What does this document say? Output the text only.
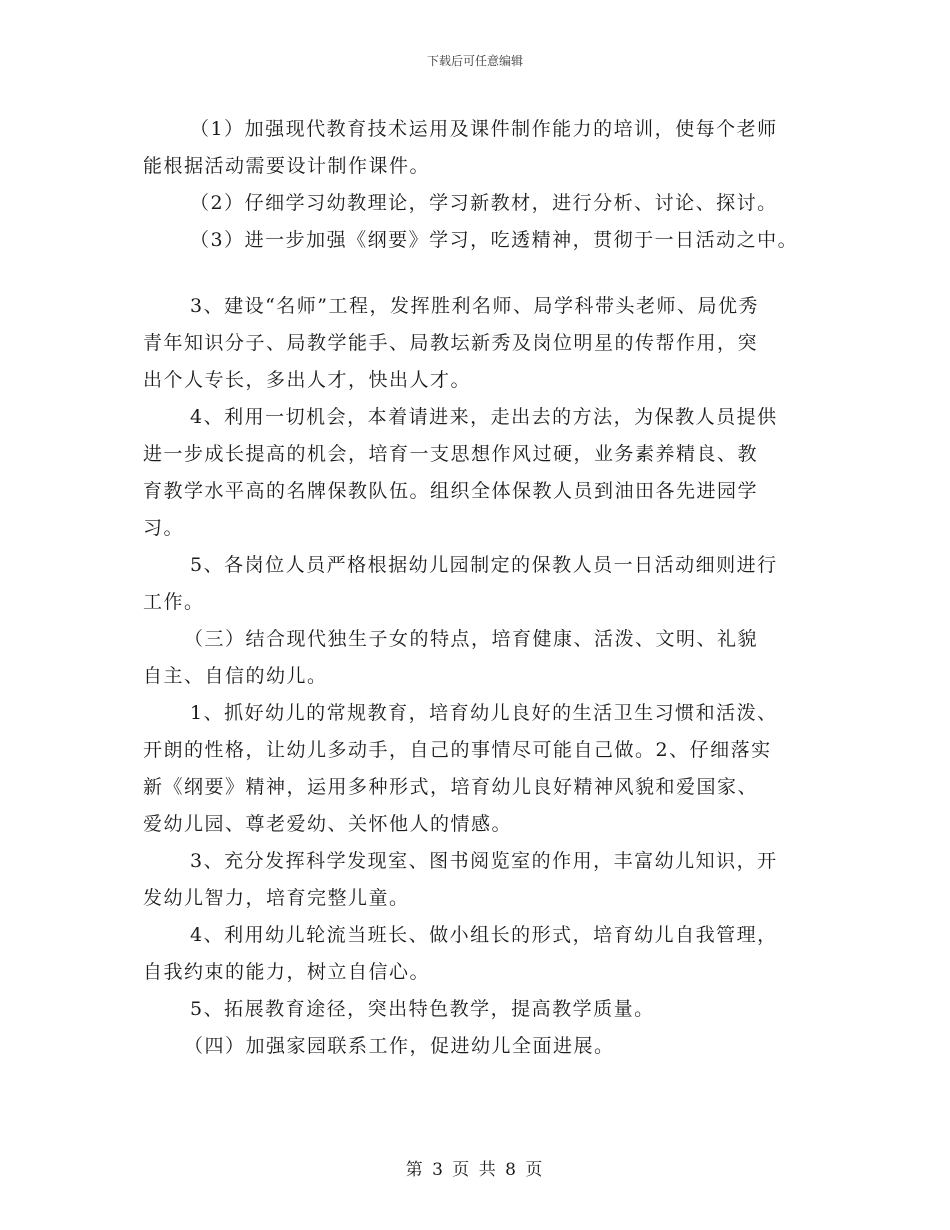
下载后可任意编辑
（1）加强现代教育技术运用及课件制作能力的培训，使每个老师
能根据活动需要设计制作课件。
（2）仔细学习幼教理论，学习新教材，进行分析、讨论、探讨。
（3）进一步加强《纲要》学习，吃透精神，贯彻于一日活动之中。
3、建设“名师”工程，发挥胜利名师、局学科带头老师、局优秀
青年知识分子、局教学能手、局教坛新秀及岗位明星的传帮作用，突
出个人专长，多出人才，快出人才。
4、利用一切机会，本着请进来，走出去的方法，为保教人员提供
进一步成长提高的机会，培育一支思想作风过硬，业务素养精良、教
育教学水平高的名牌保教队伍。组织全体保教人员到油田各先进园学
习。
5、各岗位人员严格根据幼儿园制定的保教人员一日活动细则进行
工作。
（三）结合现代独生子女的特点，培育健康、活泼、文明、礼貌
自主、自信的幼儿。
1、抓好幼儿的常规教育，培育幼儿良好的生活卫生习惯和活泼、
开朗的性格，让幼儿多动手，自己的事情尽可能自己做。2、仔细落实
新《纲要》精神，运用多种形式，培育幼儿良好精神风貌和爱国家、
爱幼儿园、尊老爱幼、关怀他人的情感。
3、充分发挥科学发现室、图书阅览室的作用，丰富幼儿知识，开
发幼儿智力，培育完整儿童。
4、利用幼儿轮流当班长、做小组长的形式，培育幼儿自我管理，
自我约束的能力，树立自信心。
5、拓展教育途径，突出特色教学，提高教学质量。
（四）加强家园联系工作，促进幼儿全面进展。
第 3 页 共 8 页
